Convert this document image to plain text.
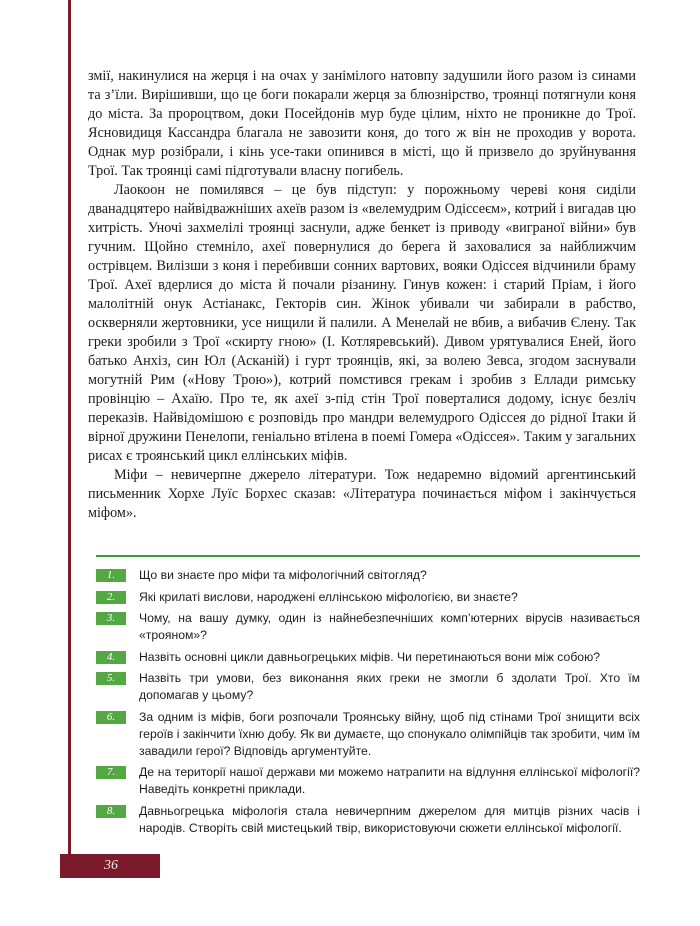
змії, накинулися на жерця і на очах у занімілого натовпу задушили його разом із синами та з’їли. Вирішивши, що це боги покарали жерця за блюзнірство, троянці потягнули коня до міста. За пророцтвом, доки Посейдонів мур буде цілим, ніхто не проникне до Трої. Ясновидиця Кассандра благала не завозити коня, до того ж він не проходив у ворота. Однак мур розібрали, і кінь усе-таки опинився в місті, що й призвело до зруйнування Трої. Так троянці самі підготували власну погибель.

Лаокоон не помилявся – це був підступ: у порожньому череві коня сиділи дванадцятеро найвідважніших ахеїв разом із «велемудрим Одіссеєм», котрий і вигадав цю хитрість. Уночі захмелілі троянці заснули, адже бенкет із приводу «виграної війни» був гучним. Щойно стемніло, ахеї повернулися до берега й заховалися за найближчим острівцем. Вилізши з коня і перебивши сонних вартових, вояки Одіссея відчинили браму Трої. Ахеї вдерлися до міста й почали різанину. Гинув кожен: і старий Пріам, і його малолітній онук Астіанакс, Гекторів син. Жінок убивали чи забирали в рабство, оскверняли жертовники, усе нищили й палили. А Менелай не вбив, а вибачив Єлену. Так греки зробили з Трої «скирту гною» (І. Котляревський). Дивом урятувалися Еней, його батько Анхіз, син Юл (Асканій) і гурт троянців, які, за волею Зевса, згодом заснували могутній Рим («Нову Трою»), котрий помстився грекам і зробив з Еллади римську провінцію – Ахаїю. Про те, як ахеї з-під стін Трої поверталися додому, існує безліч переказів. Найвідомішою є розповідь про мандри велемудрого Одіссея до рідної Ітаки й вірної дружини Пенелопи, геніально втілена в поемі Гомера «Одіссея». Таким у загальних рисах є троянський цикл еллінських міфів.

Міфи – невичерпне джерело літератури. Тож недаремно відомий аргентинський письменник Хорхе Луїс Борхес сказав: «Література починається міфом і закінчується міфом».

1.	Що ви знаєте про міфи та міфологічний світогляд?
2.	Які крилаті вислови, народжені еллінською міфологією, ви знаєте?
3.	Чому, на вашу думку, один із найнебезпечніших комп’ютерних вірусів називається «трояном»?
4.	Назвіть основні цикли давньогрецьких міфів. Чи перетинаються вони між собою?
5.	Назвіть три умови, без виконання яких греки не змогли б здолати Трої. Хто їм допомагав у цьому?
6.	За одним із міфів, боги розпочали Троянську війну, щоб під стінами Трої знищити всіх героїв і закінчити їхню добу. Як ви думаєте, що спонукало олімпійців так зробити, чим їм завадили герої? Відповідь аргументуйте.
7.	Де на території нашої держави ми можемо натрапити на відлуння еллінської міфології? Наведіть конкретні приклади.
8.	Давньогрецька міфологія стала невичерпним джерелом для митців різних часів і народів. Створіть свій мистецький твір, використовуючи сюжети еллінської міфології.
36
